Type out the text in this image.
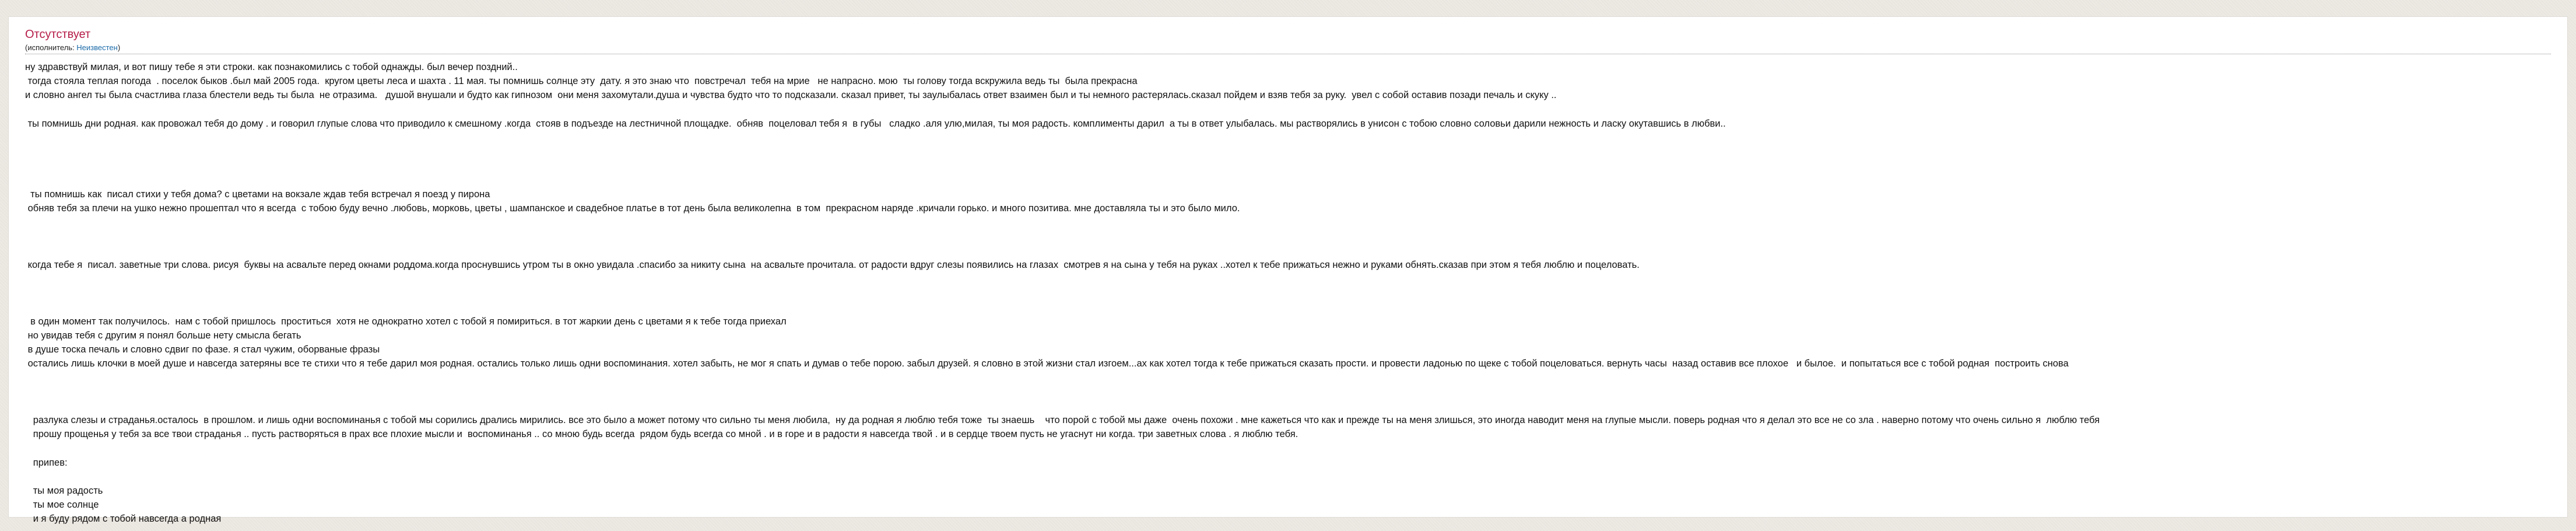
Отсутствует
(исполнитель: Неизвестен)
ну здравствуй милая, и вот пишу тебе я эти строки. как познакомились с тобой однажды. был вечер поздний..
тогда стояла теплая погода  . поселок быков .был май 2005 года.  кругом цветы леса и шахта . 11 мая. ты помнишь солнце эту  дату. я это знаю что  повстречал  тебя на мрие   не напрасно. мою  ты голову тогда вскружила ведь ты  была прекрасна
и словно ангел ты была счастлива глаза блестели ведь ты была  не отразима.   душой внушали и будто как гипнозом  они меня захомутали.душа и чувства будто что то подсказали. сказал привет, ты заулыбалась ответ взаимен был и ты немного растерялась.сказал пойдем и взяв тебя за руку.  увел с собой оставив позади печаль и скуку ..
ты помнишь дни родная. как провожал тебя до дому . и говорил глупые слова что приводило к смешному .когда  стояв в подъезде на лестничной площадке.  обняв  поцеловал тебя я  в губы   сладко .аля улю,милая, ты моя радость. комплименты дарил  а ты в ответ улыбалась. мы растворялись в унисон с тобою словно соловьи дарили нежность и ласку окутавшись в любви..
ты помнишь как  писал стихи у тебя дома? с цветами на вокзале ждав тебя встречал я поезд у пирона
обняв тебя за плечи на ушко нежно прошептал что я всегда  с тобою буду вечно .любовь, морковь, цветы , шампанское и свадебное платье в тот день была великолепна  в том  прекрасном наряде .кричали горько. и много позитива. мне доставляла ты и это было мило.
когда тебе я  писал. заветные три слова. рисуя  буквы на асвальте перед окнами роддома.когда проснувшись утром ты в окно увидала .спасибо за никиту сына  на асвальте прочитала. от радости вдруг слезы появились на глазах  смотрев я на сына у тебя на руках ..хотел к тебе прижаться нежно и руками обнять.сказав при этом я тебя люблю и поцеловать.
в один момент так получилось.  нам с тобой пришлось  проститься  хотя не однократно хотел с тобой я помириться. в тот жаркии день с цветами я к тебе тогда приехал
но увидав тебя с другим я понял больше нету смысла бегать
в душе тоска печаль и словно сдвиг по фазе. я стал чужим, оборваные фразы
остались лишь клочки в моей душе и навсегда затеряны все те стихи что я тебе дарил моя родная. остались только лишь одни воспоминания. хотел забыть, не мог я спать и думав о тебе порою. забыл друзей. я словно в этой жизни стал изгоем...ах как хотел тогда к тебе прижаться сказать прости. и провести ладонью по щеке с тобой поцеловаться. вернуть часы  назад оставив все плохое   и былое.  и попытаться все с тобой родная  построить снова
разлука слезы и страданья.осталось  в прошлом. и лишь одни воспоминанья с тобой мы сорились дрались мирились. все это было а может потому что сильно ты меня любила,  ну да родная я люблю тебя тоже  ты знаешь    что порой с тобой мы даже  очень похожи . мне кажеться что как и прежде ты на меня злишься, это иногда наводит меня на глупые мысли. поверь родная что я делал это все не со зла . наверно потому что очень сильно я  люблю тебя
прошу прощенья у тебя за все твои страданья .. пусть растворяться в прах все плохие мысли и  воспоминанья .. со мною будь всегда  рядом будь всегда со мной . и в горе и в радости я навсегда твой . и в сердце твоем пусть не угаснут ни когда. три заветных слова . я люблю тебя.
припев:
ты моя радость
ты мое солнце
и я буду рядом с тобой навсегда а родная
